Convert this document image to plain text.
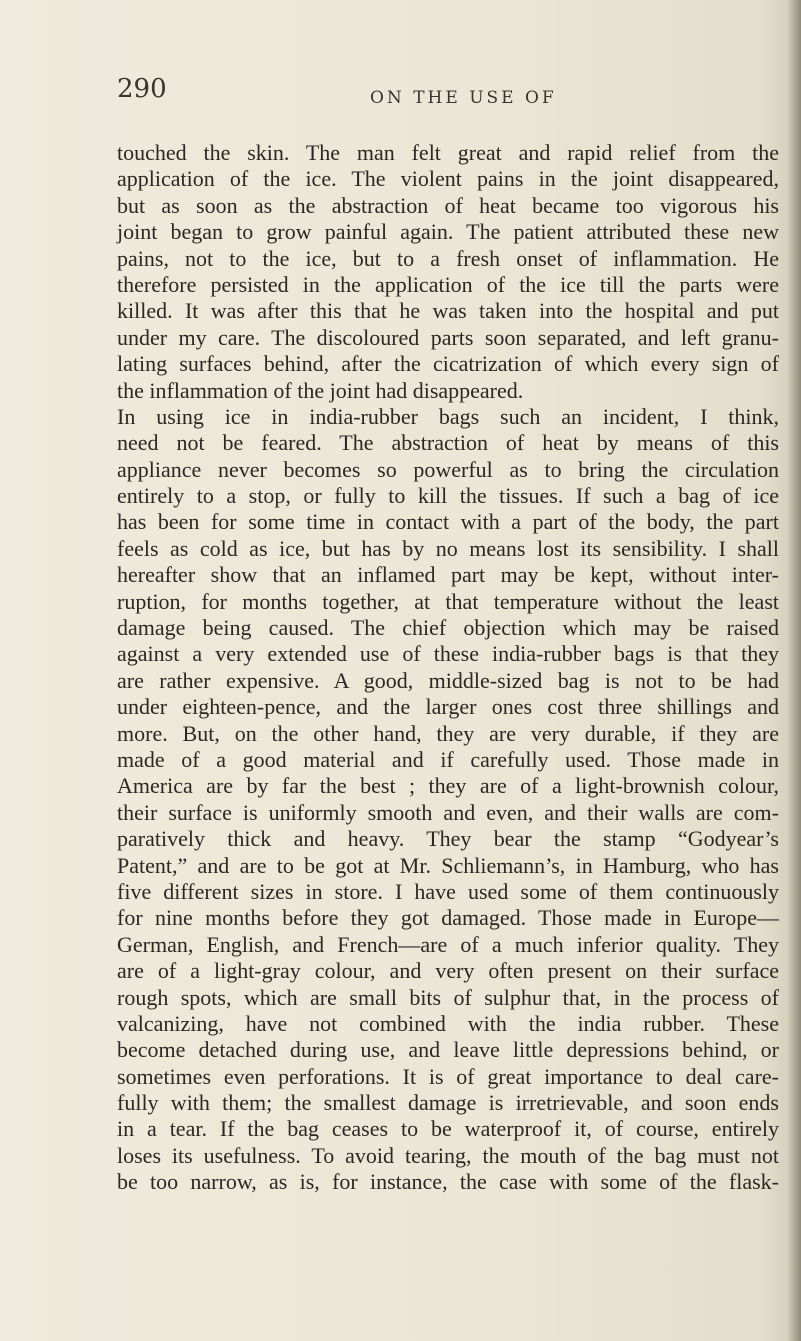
290	ON THE USE OF

touched the skin. The man felt great and rapid relief from the
application of the ice. The violent pains in the joint disappeared,
but as soon as the abstraction of heat became too vigorous his
joint began to grow painful again. The patient attributed these new
pains, not to the ice, but to a fresh onset of inflammation. He
therefore persisted in the application of the ice till the parts were
killed. It was after this that he was taken into the hospital and put
under my care. The discoloured parts soon separated, and left granu-
lating surfaces behind, after the cicatrization of which every sign of
the inflammation of the joint had disappeared.
In using ice in india-rubber bags such an incident, I think,
need not be feared. The abstraction of heat by means of this
appliance never becomes so powerful as to bring the circulation
entirely to a stop, or fully to kill the tissues. If such a bag of ice
has been for some time in contact with a part of the body, the part
feels as cold as ice, but has by no means lost its sensibility. I shall
hereafter show that an inflamed part may be kept, without inter-
ruption, for months together, at that temperature without the least
damage being caused. The chief objection which may be raised
against a very extended use of these india-rubber bags is that they
are rather expensive. A good, middle-sized bag is not to be had
under eighteen-pence, and the larger ones cost three shillings and
more. But, on the other hand, they are very durable, if they are
made of a good material and if carefully used. Those made in
America are by far the best ; they are of a light-brownish colour,
their surface is uniformly smooth and even, and their walls are com-
paratively thick and heavy. They bear the stamp “Godyear’s
Patent,” and are to be got at Mr. Schliemann’s, in Hamburg, who has
five different sizes in store. I have used some of them continuously
for nine months before they got damaged. Those made in Europe—
German, English, and French—are of a much inferior quality. They
are of a light-gray colour, and very often present on their surface
rough spots, which are small bits of sulphur that, in the process of
valcanizing, have not combined with the india rubber. These
become detached during use, and leave little depressions behind, or
sometimes even perforations. It is of great importance to deal care-
fully with them; the smallest damage is irretrievable, and soon ends
in a tear. If the bag ceases to be waterproof it, of course, entirely
loses its usefulness. To avoid tearing, the mouth of the bag must not
be too narrow, as is, for instance, the case with some of the flask-
